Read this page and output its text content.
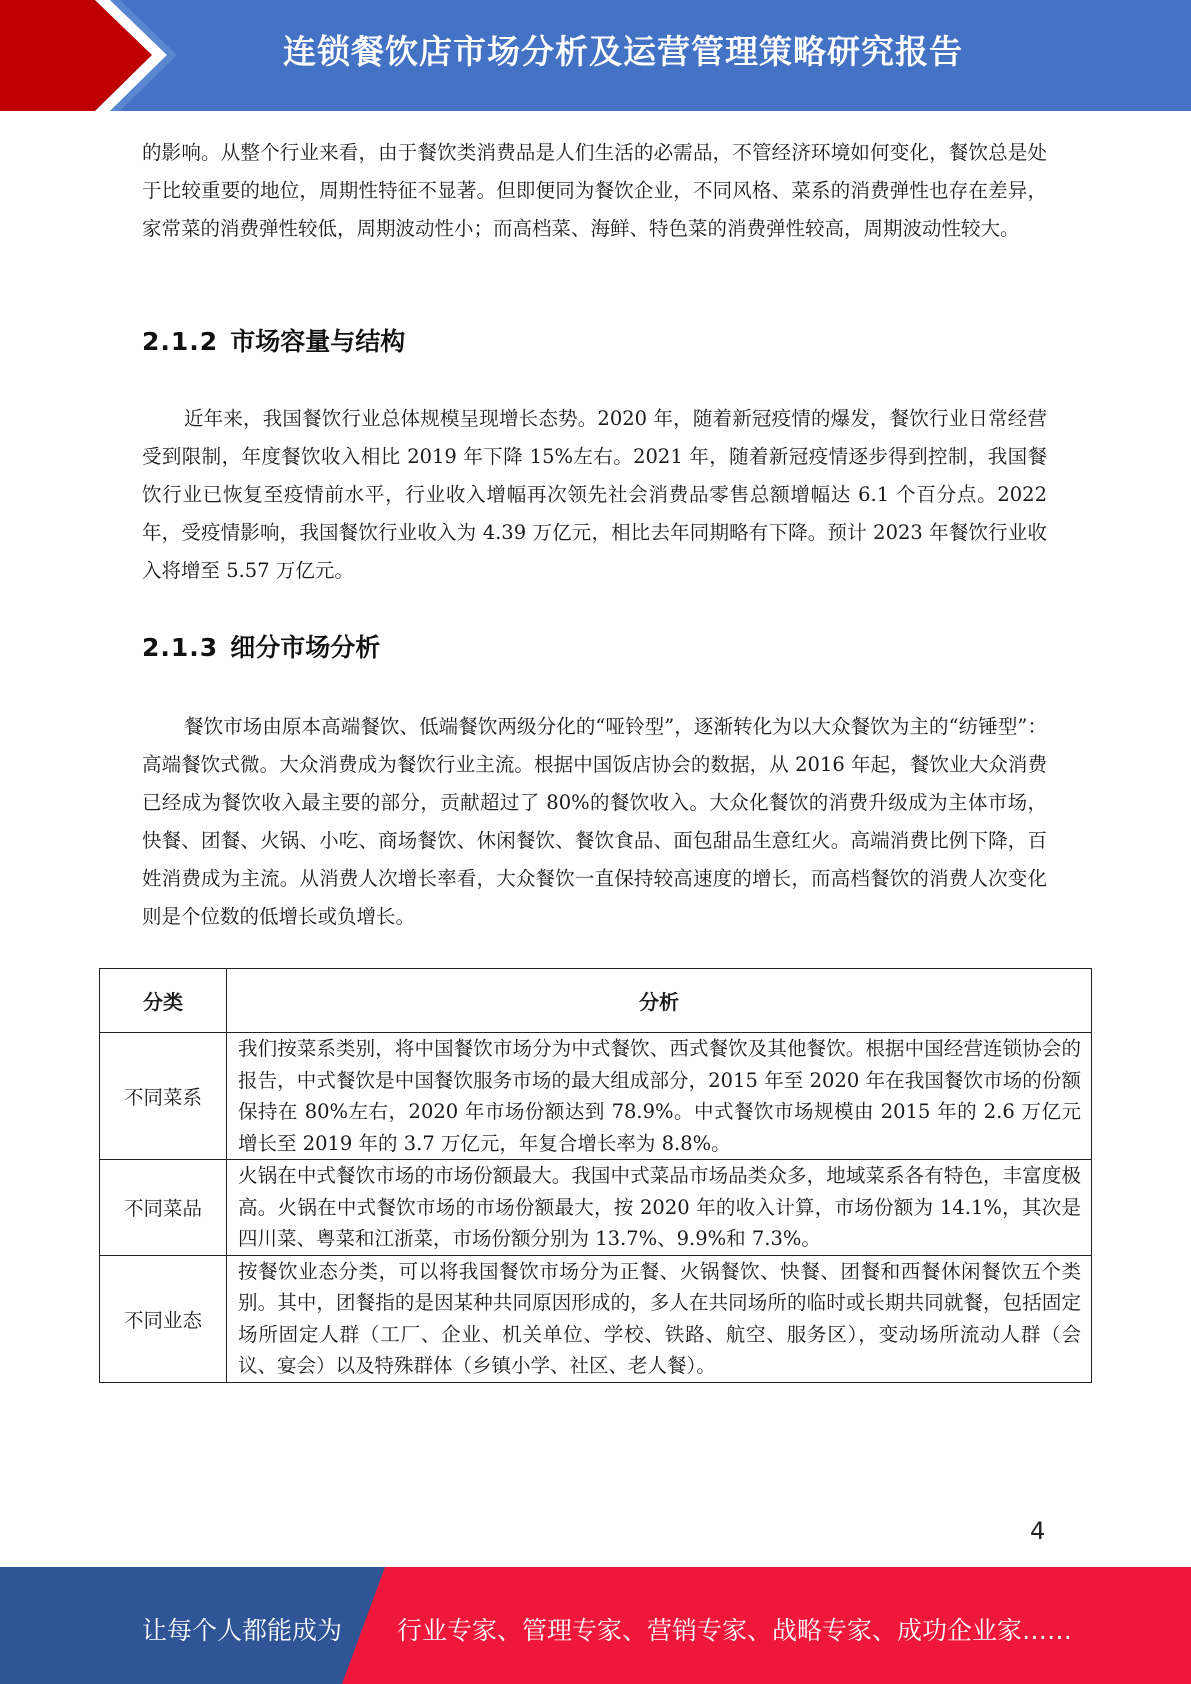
连锁餐饮店市场分析及运营管理策略研究报告

的影响。从整个行业来看，由于餐饮类消费品是人们生活的必需品，不管经济环境如何变化，餐饮总是处于比较重要的地位，周期性特征不显著。但即便同为餐饮企业，不同风格、菜系的消费弹性也存在差异，家常菜的消费弹性较低，周期波动性小；而高档菜、海鲜、特色菜的消费弹性较高，周期波动性较大。

2.1.2 市场容量与结构

近年来，我国餐饮行业总体规模呈现增长态势。2020 年，随着新冠疫情的爆发，餐饮行业日常经营受到限制，年度餐饮收入相比 2019 年下降 15%左右。2021 年，随着新冠疫情逐步得到控制，我国餐饮行业已恢复至疫情前水平，行业收入增幅再次领先社会消费品零售总额增幅达 6.1 个百分点。2022 年，受疫情影响，我国餐饮行业收入为 4.39 万亿元，相比去年同期略有下降。预计 2023 年餐饮行业收入将增至 5.57 万亿元。

2.1.3 细分市场分析

餐饮市场由原本高端餐饮、低端餐饮两级分化的“哑铃型”，逐渐转化为以大众餐饮为主的“纺锤型”：高端餐饮式微。大众消费成为餐饮行业主流。根据中国饭店协会的数据，从 2016 年起，餐饮业大众消费已经成为餐饮收入最主要的部分，贡献超过了 80%的餐饮收入。大众化餐饮的消费升级成为主体市场，快餐、团餐、火锅、小吃、商场餐饮、休闲餐饮、餐饮食品、面包甜品生意红火。高端消费比例下降，百姓消费成为主流。从消费人次增长率看，大众餐饮一直保持较高速度的增长，而高档餐饮的消费人次变化则是个位数的低增长或负增长。

分类	分析
不同菜系	我们按菜系类别，将中国餐饮市场分为中式餐饮、西式餐饮及其他餐饮。根据中国经营连锁协会的报告，中式餐饮是中国餐饮服务市场的最大组成部分，2015 年至 2020 年在我国餐饮市场的份额保持在 80%左右，2020 年市场份额达到 78.9%。中式餐饮市场规模由 2015 年的 2.6 万亿元增长至 2019 年的 3.7 万亿元，年复合增长率为 8.8%。
不同菜品	火锅在中式餐饮市场的市场份额最大。我国中式菜品市场品类众多，地域菜系各有特色，丰富度极高。火锅在中式餐饮市场的市场份额最大，按 2020 年的收入计算，市场份额为 14.1%，其次是四川菜、粤菜和江浙菜，市场份额分别为 13.7%、9.9%和 7.3%。
不同业态	按餐饮业态分类，可以将我国餐饮市场分为正餐、火锅餐饮、快餐、团餐和西餐休闲餐饮五个类别。其中，团餐指的是因某种共同原因形成的，多人在共同场所的临时或长期共同就餐，包括固定场所固定人群（工厂、企业、机关单位、学校、铁路、航空、服务区），变动场所流动人群（会议、宴会）以及特殊群体（乡镇小学、社区、老人餐）。
4
让每个人都能成为 行业专家、管理专家、营销专家、战略专家、成功企业家……
